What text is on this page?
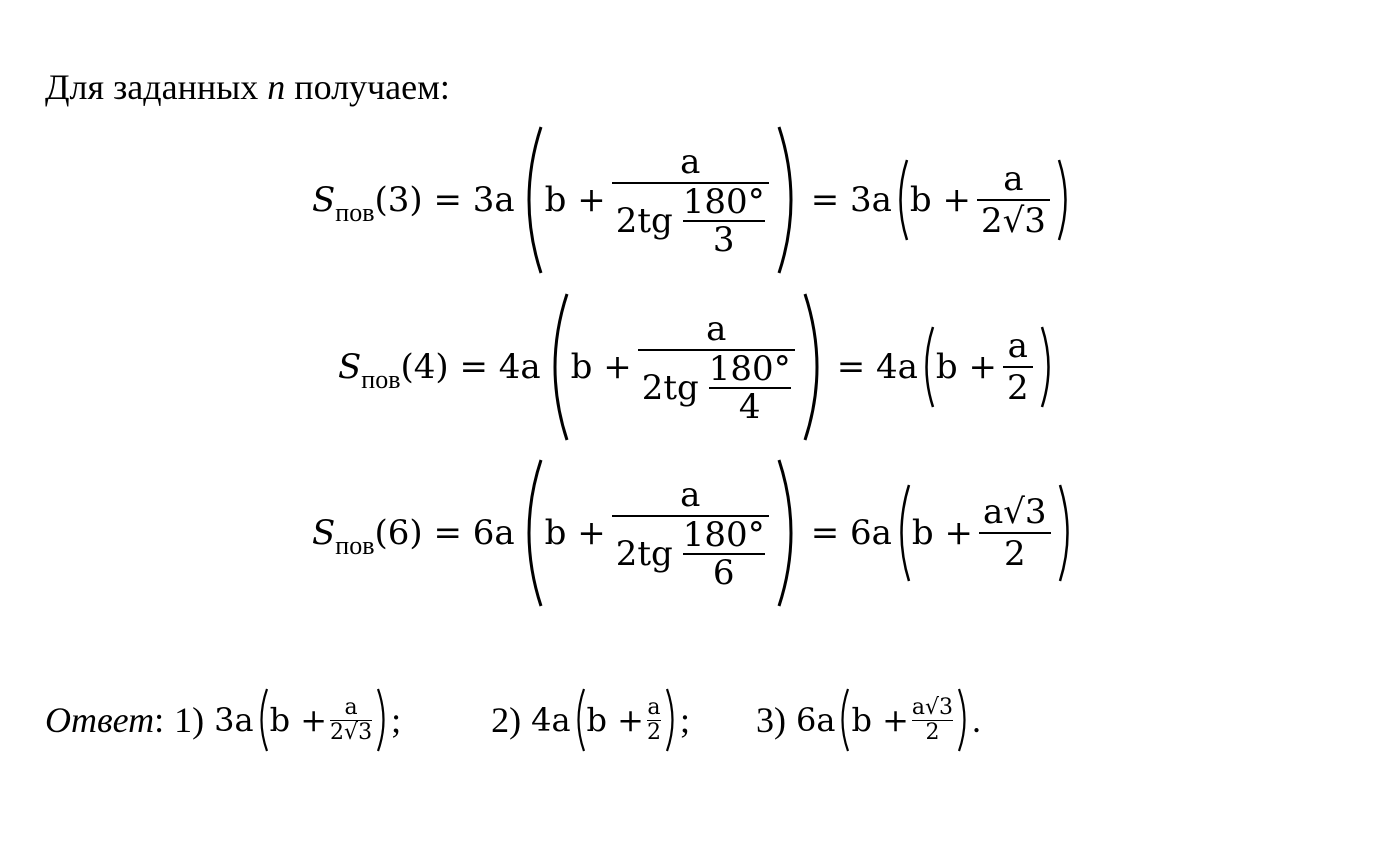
Для заданных n получаем:
$S_{пов}(3) = 3a$ b + a
2tg 180°
3 = 3a $b + \frac{a}{2√3}$
$S_{пов}(4) = 4a$ b + a
2tg 180°
4 = 4a $b + \frac{a}{2}$
$S_{пов}(6) = 6a$ b + a
2tg 180°
6 = 6a $b + \frac{a√3}{2}$
Ответ : 1) 3a b + a
2√3 ;	2) 4a b + a
2 ; 3) 6a b + a√3
2 .
